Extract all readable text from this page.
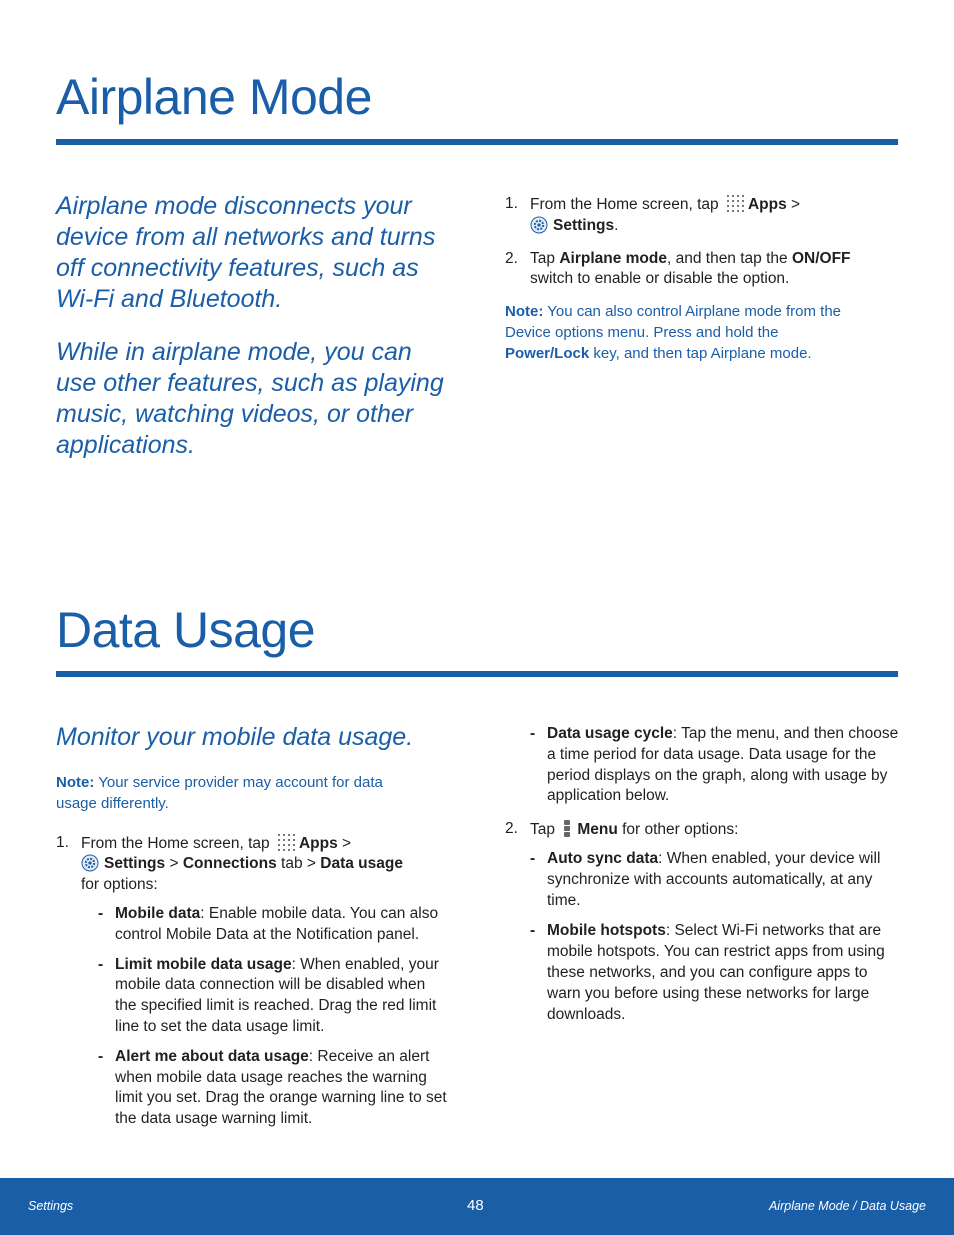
Airplane Mode

Airplane mode disconnects your device from all networks and turns off connectivity features, such as Wi-Fi and Bluetooth.

While in airplane mode, you can use other features, such as playing music, watching videos, or other applications.

1. From the Home screen, tap Apps >
Settings.
2. Tap Airplane mode, and then tap the ON/OFF switch to enable or disable the option.
Note: You can also control Airplane mode from the Device options menu. Press and hold the Power/Lock key, and then tap Airplane mode.
Data Usage
Monitor your mobile data usage.
Note: Your service provider may account for data usage differently.
1. From the Home screen, tap Apps >
Settings > Connections tab > Data usage
for options:
- Mobile data: Enable mobile data. You can also control Mobile Data at the Notification panel.
- Limit mobile data usage: When enabled, your mobile data connection will be disabled when the specified limit is reached. Drag the red limit line to set the data usage limit.
- Alert me about data usage: Receive an alert when mobile data usage reaches the warning limit you set. Drag the orange warning line to set the data usage warning limit.
- Data usage cycle: Tap the menu, and then choose a time period for data usage. Data usage for the period displays on the graph, along with usage by application below.
2. Tap Menu for other options:
- Auto sync data: When enabled, your device will synchronize with accounts automatically, at any time.
- Mobile hotspots: Select Wi-Fi networks that are mobile hotspots. You can restrict apps from using these networks, and you can configure apps to warn you before using these networks for large downloads.
Settings	48	Airplane Mode / Data Usage
